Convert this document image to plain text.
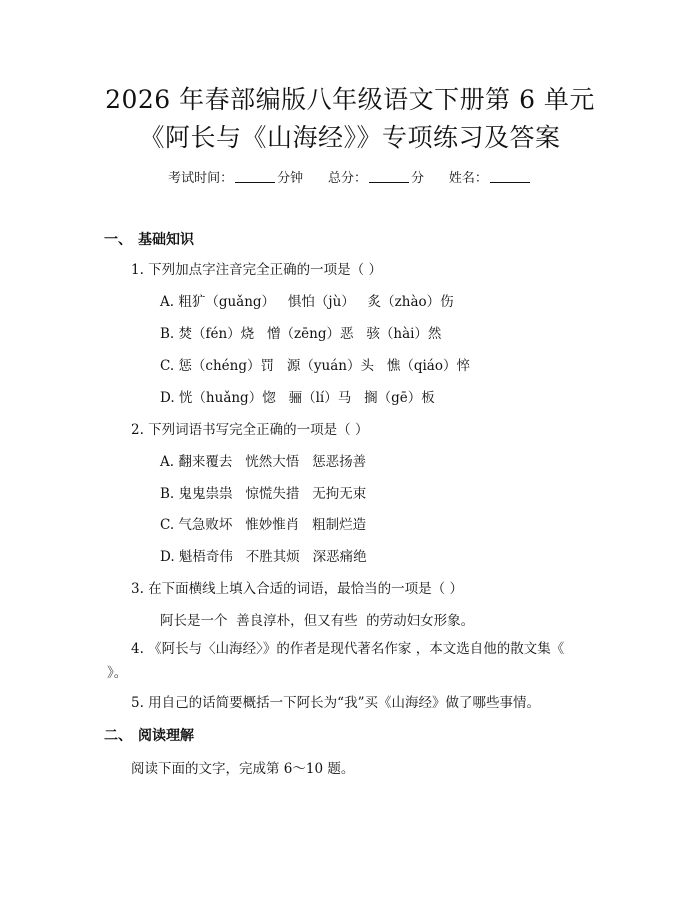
2026 年春部编版八年级语文下册第 6 单元
《阿长与《山海经》》专项练习及答案
考试时间：	分钟 总分：	分 姓名：
一、 基础知识
1. 下列加点字注音完全正确的一项是（ ）
A. 粗犷（guǎng）   惧怕（jù）   炙（zhào）伤
B. 焚（fén）烧   憎（zēng）恶   骇（hài）然
C. 惩（chéng）罚   源（yuán）头   憔（qiáo）悴
D. 恍（huǎng）惚   骊（lí）马   搁（gē）板
2. 下列词语书写完全正确的一项是（ ）
A. 翻来覆去   恍然大悟   惩恶扬善
B. 鬼鬼祟祟   惊慌失措   无拘无束
C. 气急败坏   惟妙惟肖   粗制烂造
D. 魁梧奇伟   不胜其烦   深恶痛绝
3. 在下面横线上填入合适的词语，最恰当的一项是（ ）
阿长是一个  善良淳朴，但又有些  的劳动妇女形象。
4. 《阿长与〈山海经〉》的作者是现代著名作家 ，本文选自他的散文集《 》。
5. 用自己的话简要概括一下阿长为“我”买《山海经》做了哪些事情。
二、 阅读理解
阅读下面的文字，完成第 6～10 题。
